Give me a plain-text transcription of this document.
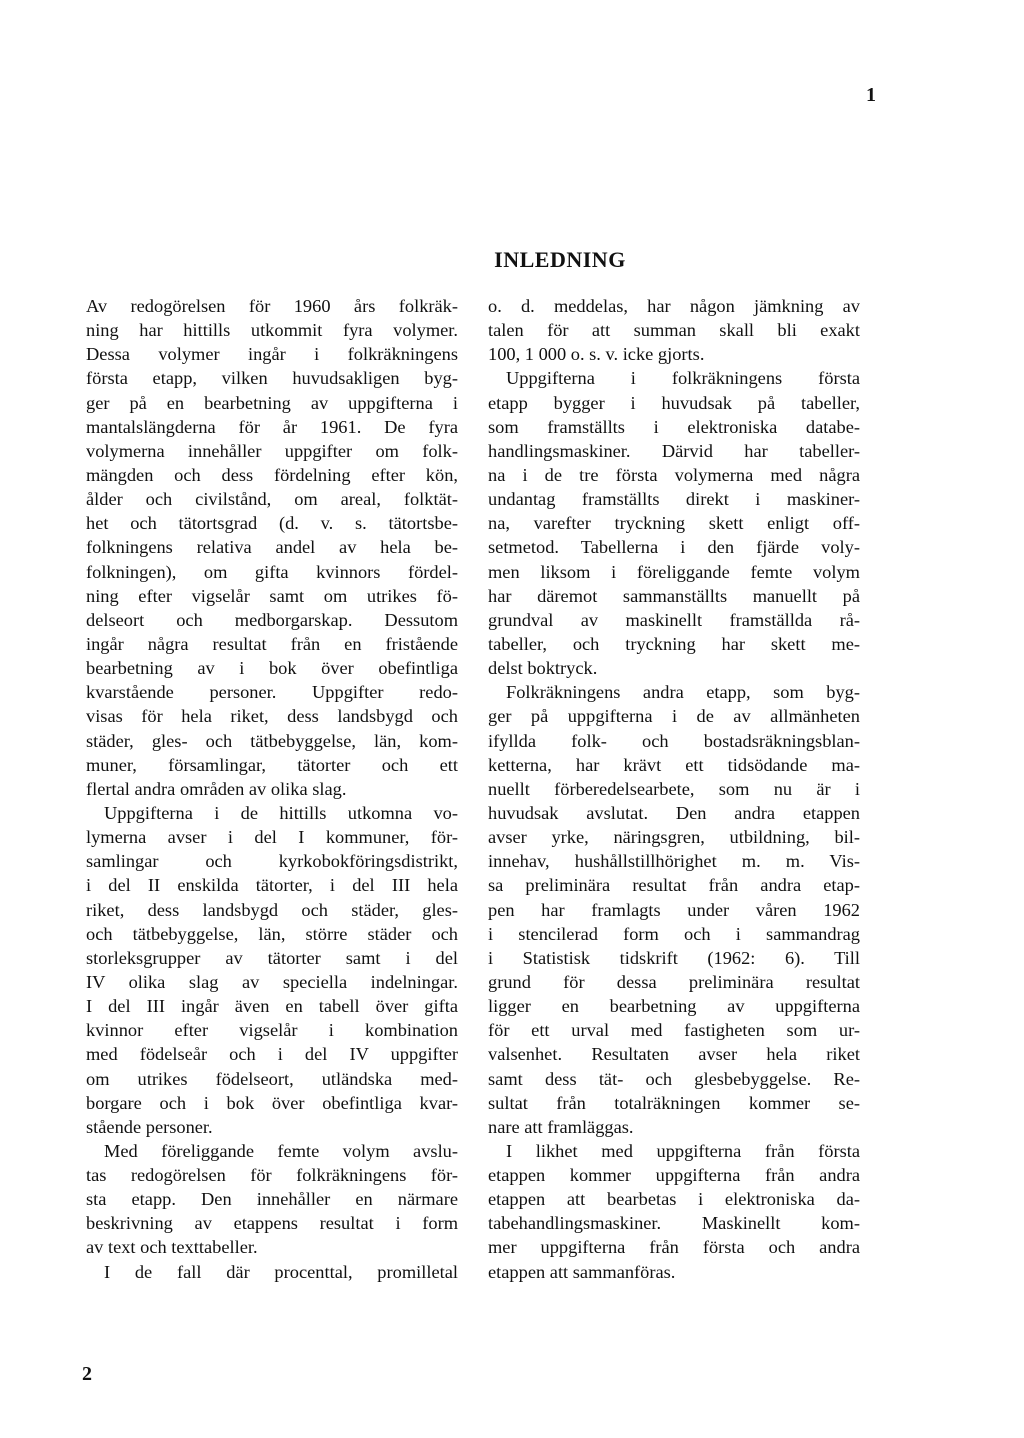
1
INLEDNING
Av redogörelsen för 1960 års folkräk-
ning har hittills utkommit fyra volymer.
Dessa volymer ingår i folkräkningens
första etapp, vilken huvudsakligen byg-
ger på en bearbetning av uppgifterna i
mantalslängderna för år 1961. De fyra
volymerna innehåller uppgifter om folk-
mängden och dess fördelning efter kön,
ålder och civilstånd, om areal, folktät-
het och tätortsgrad (d. v. s. tätortsbe-
folkningens relativa andel av hela be-
folkningen), om gifta kvinnors fördel-
ning efter vigselår samt om utrikes fö-
delseort och medborgarskap. Dessutom
ingår några resultat från en fristående
bearbetning av i bok över obefintliga
kvarstående personer. Uppgifter redo-
visas för hela riket, dess landsbygd och
städer, gles- och tätbebyggelse, län, kom-
muner, församlingar, tätorter och ett
flertal andra områden av olika slag.
Uppgifterna i de hittills utkomna vo-
lymerna avser i del I kommuner, för-
samlingar och kyrkobokföringsdistrikt,
i del II enskilda tätorter, i del III hela
riket, dess landsbygd och städer, gles-
och tätbebyggelse, län, större städer och
storleksgrupper av tätorter samt i del
IV olika slag av speciella indelningar.
I del III ingår även en tabell över gifta
kvinnor efter vigselår i kombination
med födelseår och i del IV uppgifter
om utrikes födelseort, utländska med-
borgare och i bok över obefintliga kvar-
stående personer.
Med föreliggande femte volym avslu-
tas redogörelsen för folkräkningens för-
sta etapp. Den innehåller en närmare
beskrivning av etappens resultat i form
av text och texttabeller.
I de fall där procenttal, promilletal
o. d. meddelas, har någon jämkning av
talen för att summan skall bli exakt
100, 1 000 o. s. v. icke gjorts.
Uppgifterna i folkräkningens första
etapp bygger i huvudsak på tabeller,
som framställts i elektroniska databe-
handlingsmaskiner. Därvid har tabeller-
na i de tre första volymerna med några
undantag framställts direkt i maskiner-
na, varefter tryckning skett enligt off-
setmetod. Tabellerna i den fjärde voly-
men liksom i föreliggande femte volym
har däremot sammanställts manuellt på
grundval av maskinellt framställda rå-
tabeller, och tryckning har skett me-
delst boktryck.
Folkräkningens andra etapp, som byg-
ger på uppgifterna i de av allmänheten
ifyllda folk- och bostadsräkningsblan-
ketterna, har krävt ett tidsödande ma-
nuellt förberedelsearbete, som nu är i
huvudsak avslutat. Den andra etappen
avser yrke, näringsgren, utbildning, bil-
innehav, hushållstillhörighet m. m. Vis-
sa preliminära resultat från andra etap-
pen har framlagts under våren 1962
i stencilerad form och i sammandrag
i Statistisk tidskrift (1962: 6). Till
grund för dessa preliminära resultat
ligger en bearbetning av uppgifterna
för ett urval med fastigheten som ur-
valsenhet. Resultaten avser hela riket
samt dess tät- och glesbebyggelse. Re-
sultat från totalräkningen kommer se-
nare att framläggas.
I likhet med uppgifterna från första
etappen kommer uppgifterna från andra
etappen att bearbetas i elektroniska da-
tabehandlingsmaskiner. Maskinellt kom-
mer uppgifterna från första och andra
etappen att sammanföras.
2
